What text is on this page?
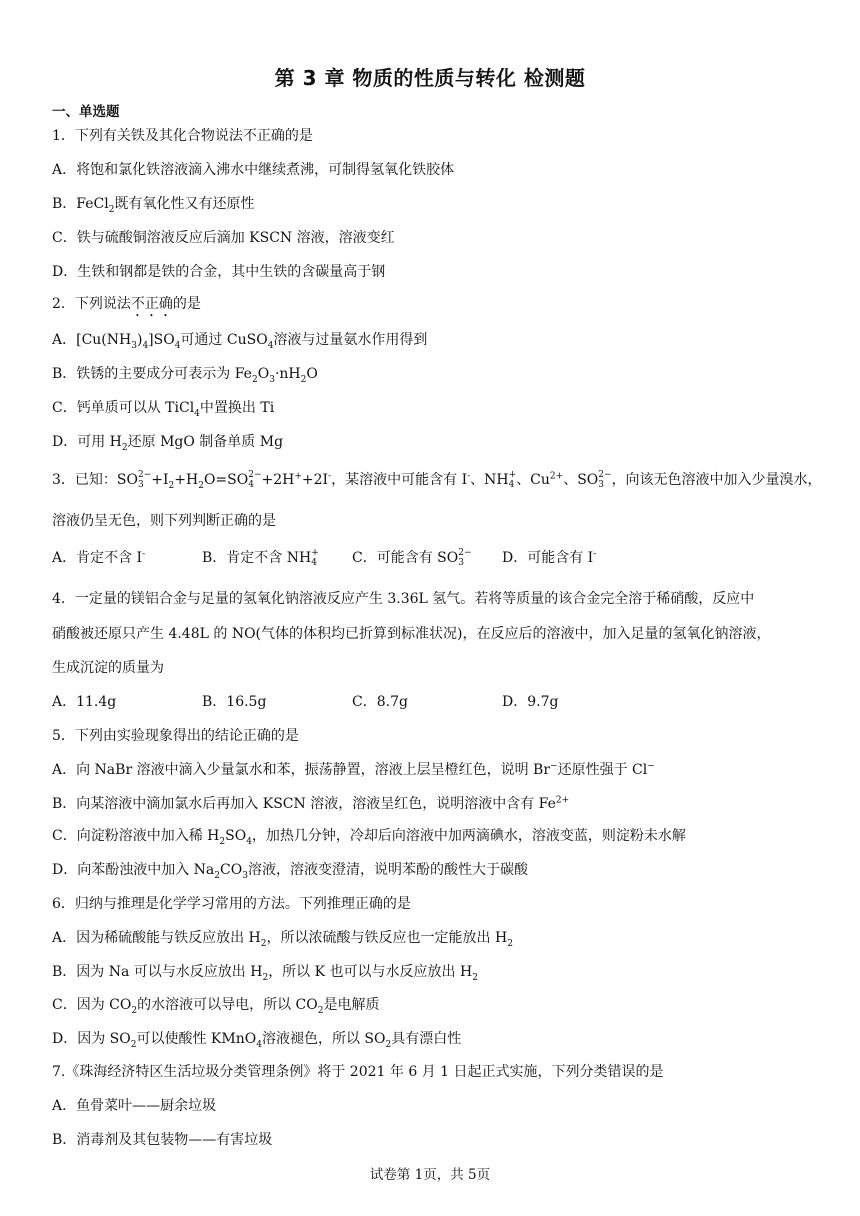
第 3 章 物质的性质与转化 检测题
一、单选题
1．下列有关铁及其化合物说法不正确的是
A．将饱和氯化铁溶液滴入沸水中继续煮沸，可制得氢氧化铁胶体
B．FeCl$_2$既有氧化性又有还原性
C．铁与硫酸铜溶液反应后滴加 KSCN 溶液，溶液变红
D．生铁和钢都是铁的合金，其中生铁的含碳量高于钢
2．下列说法不正确的是
A．$[Cu(NH_3)_4]SO_4$可通过 CuSO$_4$溶液与过量氨水作用得到
B．铁锈的主要成分可表示为 $Fe_2O_3\cdot nH_2O$
C．钙单质可以从 TiCl$_4$中置换出 Ti
D．可用 $H_2$还原 MgO 制备单质 Mg
3．已知：SO 2−
$3 +I_2+H_2O=SO$ 2−
4 +2H++2I-，某溶液中可能含有 I-、NH +
4 、$Cu^{2+}$、SO 2−
3 ，向该无色溶液中加入少量溴水，
溶液仍呈无色，则下列判断正确的是
A．肯定不含 I-	B．肯定不含 NH +
4	C．可能含有 SO 2−
3	D．可能含有 I-
4．一定量的镁铝合金与足量的氢氧化钠溶液反应产生 3.36L 氢气。若将等质量的该合金完全溶于稀硝酸，反应中
硝酸被还原只产生 4.48L 的 NO(气体的体积均已折算到标准状况)，在反应后的溶液中，加入足量的氢氧化钠溶液，
生成沉淀的质量为
A．11.4g	B．16.5g	C．8.7g	D．9.7g
5．下列由实验现象得出的结论正确的是
A．向 NaBr 溶液中滴入少量氯水和苯，振荡静置，溶液上层呈橙红色，说明 Br−还原性强于 Cl−
B．向某溶液中滴加氯水后再加入 KSCN 溶液，溶液呈红色，说明溶液中含有 $Fe^{2+}$
C．向淀粉溶液中加入稀 $H_2SO_4$，加热几分钟，冷却后向溶液中加两滴碘水，溶液变蓝，则淀粉未水解
D．向苯酚浊液中加入 $Na_2CO_3$溶液，溶液变澄清，说明苯酚的酸性大于碳酸
6．归纳与推理是化学学习常用的方法。下列推理正确的是
A．因为稀硫酸能与铁反应放出 $H_2$，所以浓硫酸与铁反应也一定能放出 $H_2$
B．因为 Na 可以与水反应放出 $H_2$，所以 K 也可以与水反应放出 $H_2$
C．因为 $CO_2$的水溶液可以导电，所以 $CO_2$是电解质
D．因为 $SO_2$可以使酸性 KMnO$_4$溶液褪色，所以 $SO_2$具有漂白性
7.《珠海经济特区生活垃圾分类管理条例》将于 2021 年 6 月 1 日起正式实施，下列分类错误的是
A．鱼骨菜叶——厨余垃圾
B．消毒剂及其包装物——有害垃圾
试卷第 1页，共 5页
